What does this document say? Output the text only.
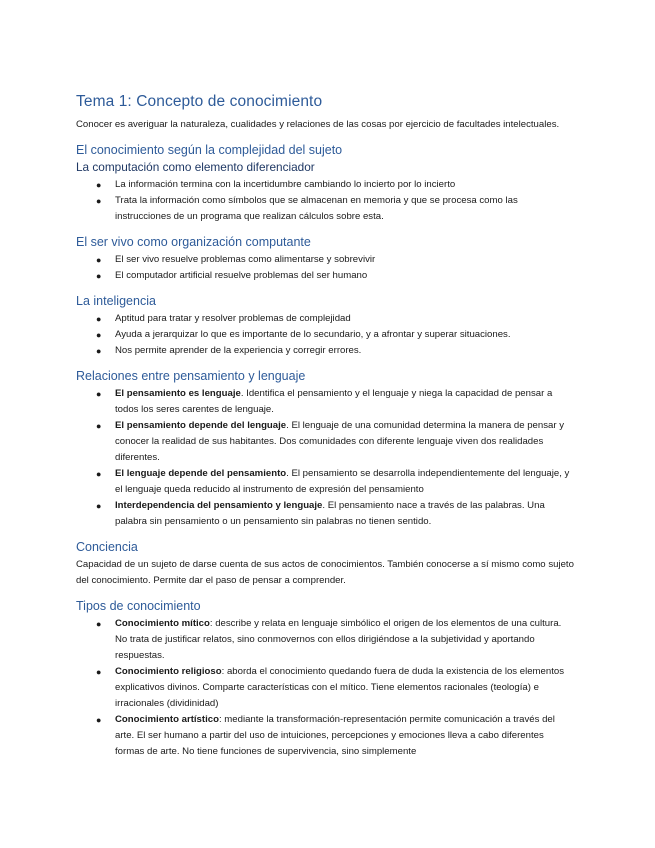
Tema 1: Concepto de conocimiento

Conocer es averiguar la naturaleza, cualidades y relaciones de las cosas por ejercicio de facultades intelectuales.

El conocimiento según la complejidad del sujeto
La computación como elemento diferenciador
● La información termina con la incertidumbre cambiando lo incierto por lo incierto
● Trata la información como símbolos que se almacenan en memoria y que se procesa como las instrucciones de un programa que realizan cálculos sobre esta.
El ser vivo como organización computante
● El ser vivo resuelve problemas como alimentarse y sobrevivir
● El computador artificial resuelve problemas del ser humano
La inteligencia
● Aptitud para tratar y resolver problemas de complejidad
● Ayuda a jerarquizar lo que es importante de lo secundario, y a afrontar y superar situaciones.
● Nos permite aprender de la experiencia y corregir errores.
Relaciones entre pensamiento y lenguaje
● El pensamiento es lenguaje. Identifica el pensamiento y el lenguaje y niega la capacidad de pensar a todos los seres carentes de lenguaje.
● El pensamiento depende del lenguaje. El lenguaje de una comunidad determina la manera de pensar y conocer la realidad de sus habitantes. Dos comunidades con diferente lenguaje viven dos realidades diferentes.
● El lenguaje depende del pensamiento. El pensamiento se desarrolla independientemente del lenguaje, y el lenguaje queda reducido al instrumento de expresión del pensamiento
● Interdependencia del pensamiento y lenguaje. El pensamiento nace a través de las palabras. Una palabra sin pensamiento o un pensamiento sin palabras no tienen sentido.
Conciencia

Capacidad de un sujeto de darse cuenta de sus actos de conocimientos. También conocerse a sí mismo como sujeto del conocimiento. Permite dar el paso de pensar a comprender.

Tipos de conocimiento
● Conocimiento mítico: describe y relata en lenguaje simbólico el origen de los elementos de una cultura. No trata de justificar relatos, sino conmovernos con ellos dirigiéndose a la subjetividad y aportando respuestas.
● Conocimiento religioso: aborda el conocimiento quedando fuera de duda la existencia de los elementos explicativos divinos. Comparte características con el mítico. Tiene elementos racionales (teología) e irracionales (dividinidad)
● Conocimiento artístico: mediante la transformación-representación permite comunicación a través del arte. El ser humano a partir del uso de intuiciones, percepciones y emociones lleva a cabo diferentes formas de arte. No tiene funciones de supervivencia, sino simplemente
